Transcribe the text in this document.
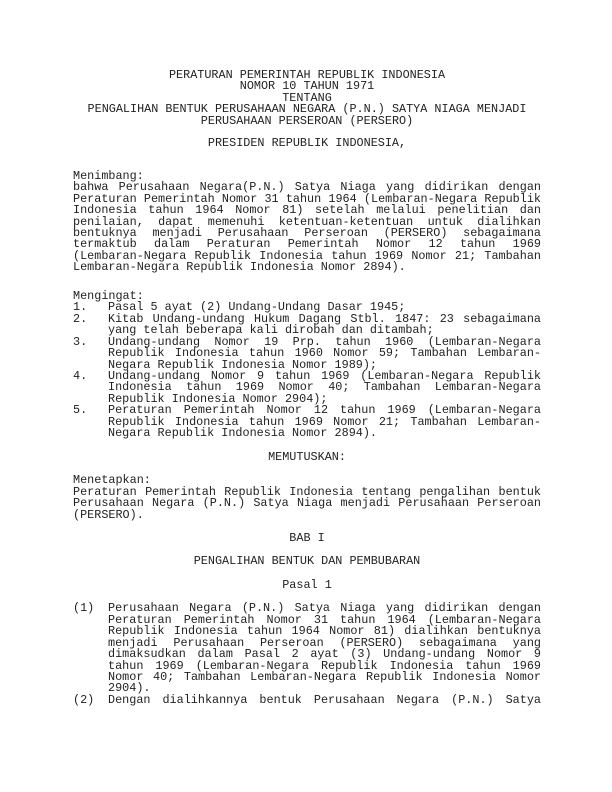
PERATURAN PEMERINTAH REPUBLIK INDONESIA
NOMOR 10 TAHUN 1971
TENTANG
PENGALIHAN BENTUK PERUSAHAAN NEGARA (P.N.) SATYA NIAGA MENJADI
PERUSAHAAN PERSEROAN (PERSERO)
PRESIDEN REPUBLIK INDONESIA,
Menimbang:

bahwa Perusahaan Negara(P.N.) Satya Niaga yang didirikan dengan Peraturan Pemerintah Nomor 31 tahun 1964 (Lembaran-Negara Republik Indonesia tahun 1964 Nomor 81) setelah melalui penelitian dan penilaian, dapat memenuhi ketentuan-ketentuan untuk dialihkan bentuknya menjadi Perusahaan Perseroan (PERSERO) sebagaimana termaktub dalam Peraturan Pemerintah Nomor 12 tahun 1969 (Lembaran-Negara Republik Indonesia tahun 1969 Nomor 21; Tambahan Lembaran-Negara Republik Indonesia Nomor 2894).

Mengingat:
1.	Pasal 5 ayat (2) Undang-Undang Dasar 1945;
2.	Kitab Undang-undang Hukum Dagang Stbl. 1847: 23 sebagaimana yang telah beberapa kali dirobah dan ditambah;
3.	Undang-undang Nomor 19 Prp. tahun 1960 (Lembaran-Negara Republik Indonesia tahun 1960 Nomor 59; Tambahan Lembaran-Negara Republik Indonesia Nomor 1989);
4.	Undang-undang Nomor 9 tahun 1969 (Lembaran-Negara Republik Indonesia tahun 1969 Nomor 40; Tambahan Lembaran-Negara Republik Indonesia Nomor 2904);
5.	Peraturan Pemerintah Nomor 12 tahun 1969 (Lembaran-Negara Republik Indonesia tahun 1969 Nomor 21; Tambahan Lembaran-Negara Republik Indonesia Nomor 2894).
MEMUTUSKAN:
Menetapkan:

Peraturan Pemerintah Republik Indonesia tentang pengalihan bentuk Perusahaan Negara (P.N.) Satya Niaga menjadi Perusahaan Perseroan (PERSERO).

BAB I
PENGALIHAN BENTUK DAN PEMBUBARAN
Pasal 1
(1)	Perusahaan Negara (P.N.) Satya Niaga yang didirikan dengan Peraturan Pemerintah Nomor 31 tahun 1964 (Lembaran-Negara Republik Indonesia tahun 1964 Nomor 81) dialihkan bentuknya menjadi Perusahaan Perseroan (PERSERO) sebagaimana yang dimaksudkan dalam Pasal 2 ayat (3) Undang-undang Nomor 9 tahun 1969 (Lembaran-Negara Republik Indonesia tahun 1969 Nomor 40; Tambahan Lembaran-Negara Republik Indonesia Nomor 2904).
(2)	Dengan dialihkannya bentuk Perusahaan Negara (P.N.) Satya
